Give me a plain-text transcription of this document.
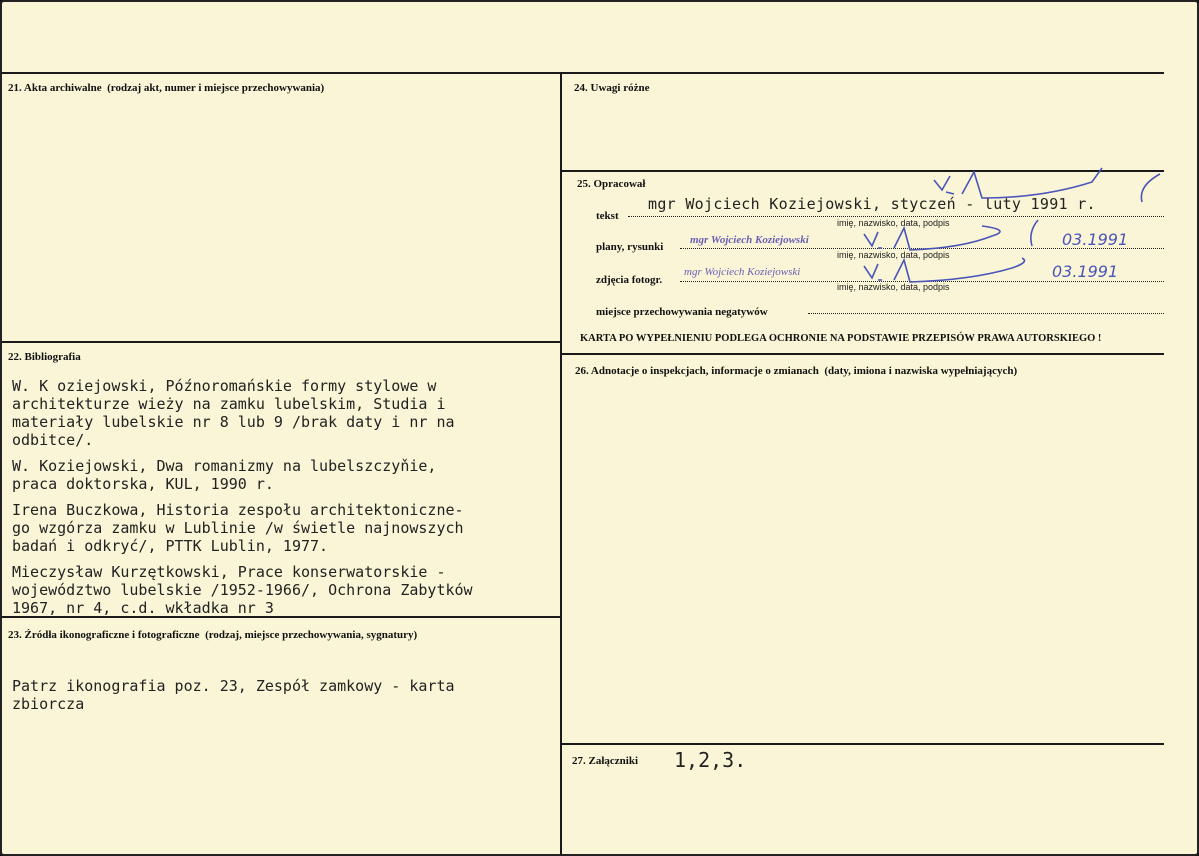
21. Akta archiwalne (rodzaj akt, numer i miejsce przechowywania)
22. Bibliografia

W. K oziejowski, Późnoromańskie formy stylowe w
architekturze wieży na zamku lubelskim, Studia i
materiały lubelskie nr 8 lub 9 /brak daty i nr na
odbitce/.

W. Koziejowski, Dwa romanizmy na lubelszczyňie,
praca doktorska, KUL, 1990 r.

Irena Buczkowa, Historia zespołu architektoniczne-
go wzgórza zamku w Lublinie /w świetle najnowszych
badań i odkryć/, PTTK Lublin, 1977.

Mieczysław Kurzętkowski, Prace konserwatorskie -
województwo lubelskie /1952-1966/, Ochrona Zabytków
1967, nr 4, c.d. wkładka nr 3

23. Źródła ikonograficzne i fotograficzne (rodzaj, miejsce przechowywania, sygnatury)
Patrz ikonografia poz. 23, Zespół zamkowy - karta
zbiorcza
24. Uwagi różne
25. Opracował
tekst
mgr Wojciech Koziejowski, styczeń - luty 1991 r.
imię, nazwisko, data, podpis
plany, rysunki
mgr Wojciech Koziejowski	03.1991
imię, nazwisko, data, podpis
zdjęcia fotogr.
mgr Wojciech Koziejowski	03.1991
imię, nazwisko, data, podpis
miejsce przechowywania negatywów
KARTA PO WYPEŁNIENIU PODLEGA OCHRONIE NA PODSTAWIE PRZEPISÓW PRAWA AUTORSKIEGO !
26. Adnotacje o inspekcjach, informacje o zmianach (daty, imiona i nazwiska wypełniających)
27. Załączniki 1,2,3.
